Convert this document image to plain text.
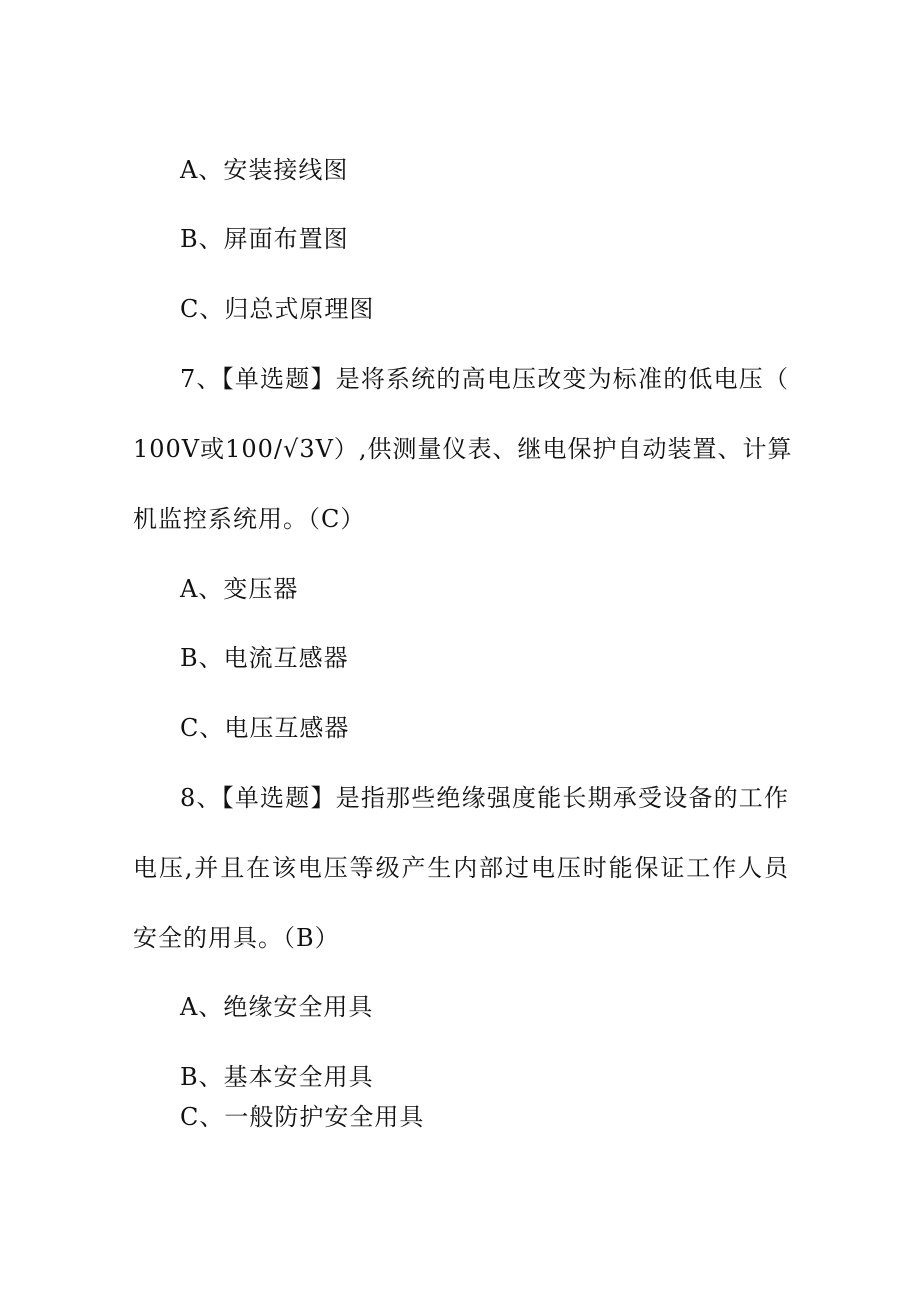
A、安装接线图
B、屏面布置图
C、归总式原理图
7、【单选题】是将系统的高电压改变为标准的低电压（
100V或100/√3V）,供测量仪表、继电保护自动装置、计算
机监控系统用。（C）
A、变压器
B、电流互感器
C、电压互感器
8、【单选题】是指那些绝缘强度能长期承受设备的工作
电压,并且在该电压等级产生内部过电压时能保证工作人员
安全的用具。（B）
A、绝缘安全用具
B、基本安全用具
C、一般防护安全用具
